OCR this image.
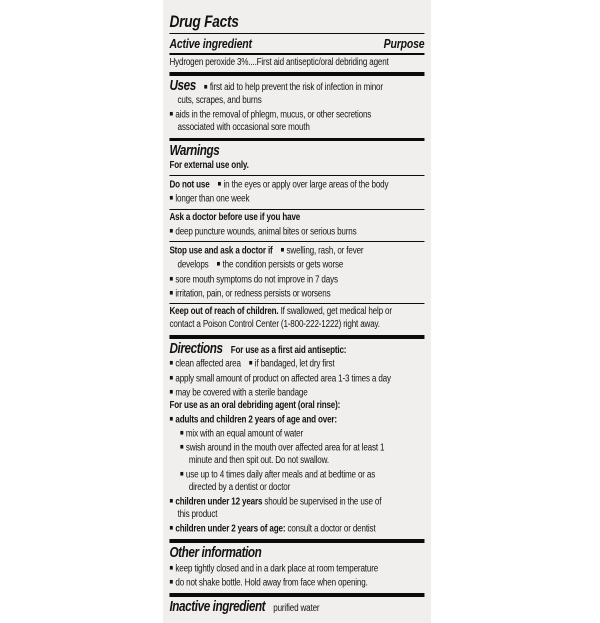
Drug Facts
Active ingredient	Purpose
Hydrogen peroxide 3%....First aid antiseptic/oral debriding agent
Uses ■ first aid to help prevent the risk of infection in minor
cuts, scrapes, and burns
■ aids in the removal of phlegm, mucus, or other secretions
associated with occasional sore mouth
Warnings
For external use only.
Do not use ■ in the eyes or apply over large areas of the body
■ longer than one week
Ask a doctor before use if you have
■ deep puncture wounds, animal bites or serious burns
Stop use and ask a doctor if ■ swelling, rash, or fever
develops ■ the condition persists or gets worse
■ sore mouth symptoms do not improve in 7 days
■ irritation, pain, or redness persists or worsens
Keep out of reach of children. If swallowed, get medical help or
contact a Poison Control Center (1-800-222-1222) right away.
Directions For use as a first aid antiseptic:
■ clean affected area ■ if bandaged, let dry first
■ apply small amount of product on affected area 1-3 times a day
■ may be covered with a sterile bandage
For use as an oral debriding agent (oral rinse):
■ adults and children 2 years of age and over:
■ mix with an equal amount of water
■ swish around in the mouth over affected area for at least 1
minute and then spit out. Do not swallow.
■ use up to 4 times daily after meals and at bedtime or as
directed by a dentist or doctor
■ children under 12 years should be supervised in the use of
this product
■ children under 2 years of age: consult a doctor or dentist
Other information
■ keep tightly closed and in a dark place at room temperature
■ do not shake bottle. Hold away from face when opening.
Inactive ingredient purified water
